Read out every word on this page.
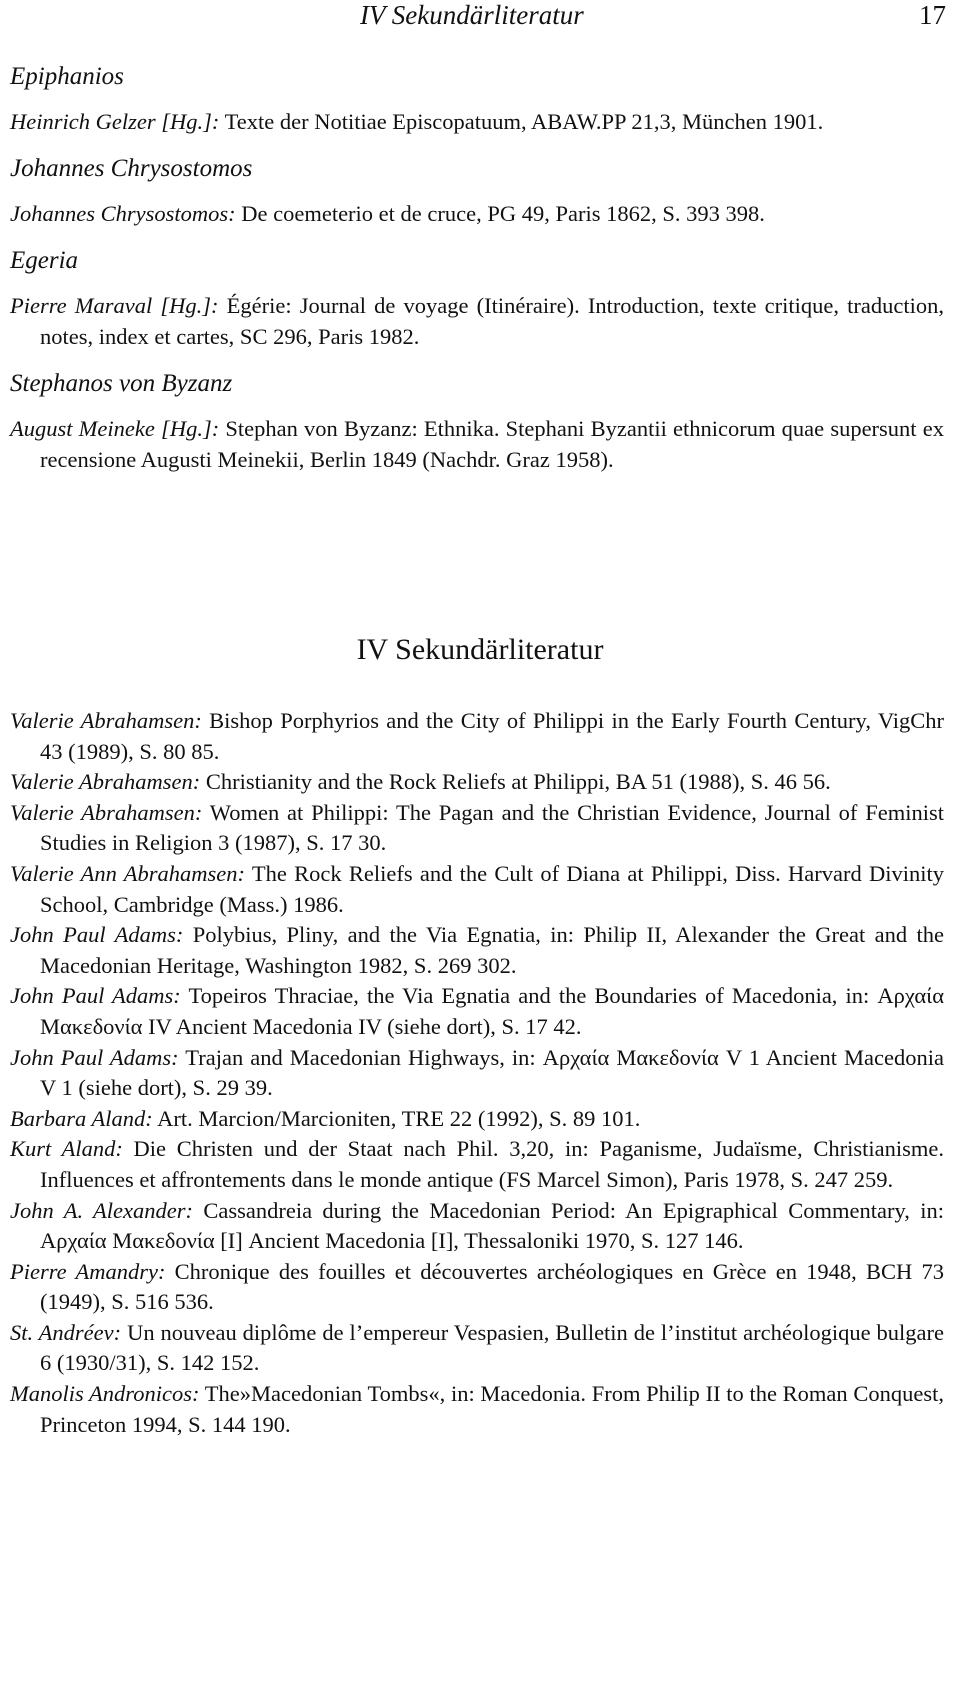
IV Sekundärliteratur	17

Epiphanios

Heinrich Gelzer [Hg.]: Texte der Notitiae Episcopatuum, ABAW.PP 21,3, München 1901.

Johannes Chrysostomos

Johannes Chrysostomos: De coemeterio et de cruce, PG 49, Paris 1862, S. 393 398.

Egeria

Pierre Maraval [Hg.]: Égérie: Journal de voyage (Itinéraire). Introduction, texte critique, traduction, notes, index et cartes, SC 296, Paris 1982.

Stephanos von Byzanz

August Meineke [Hg.]: Stephan von Byzanz: Ethnika. Stephani Byzantii ethnicorum quae supersunt ex recensione Augusti Meinekii, Berlin 1849 (Nachdr. Graz 1958).

IV Sekundärliteratur

Valerie Abrahamsen: Bishop Porphyrios and the City of Philippi in the Early Fourth Century, VigChr 43 (1989), S. 80 85.

Valerie Abrahamsen: Christianity and the Rock Reliefs at Philippi, BA 51 (1988), S. 46 56.

Valerie Abrahamsen: Women at Philippi: The Pagan and the Christian Evidence, Journal of Feminist Studies in Religion 3 (1987), S. 17 30.

Valerie Ann Abrahamsen: The Rock Reliefs and the Cult of Diana at Philippi, Diss. Harvard Divinity School, Cambridge (Mass.) 1986.

John Paul Adams: Polybius, Pliny, and the Via Egnatia, in: Philip II, Alexander the Great and the Macedonian Heritage, Washington 1982, S. 269 302.

John Paul Adams: Topeiros Thraciae, the Via Egnatia and the Boundaries of Macedonia, in: Αρχαία Μακεδονία IV Ancient Macedonia IV (siehe dort), S. 17 42.

John Paul Adams: Trajan and Macedonian Highways, in: Αρχαία Μακεδονία V 1 Ancient Macedonia V 1 (siehe dort), S. 29 39.

Barbara Aland: Art. Marcion/Marcioniten, TRE 22 (1992), S. 89 101.

Kurt Aland: Die Christen und der Staat nach Phil. 3,20, in: Paganisme, Judaïsme, Christianisme. Influences et affrontements dans le monde antique (FS Marcel Simon), Paris 1978, S. 247 259.

John A. Alexander: Cassandreia during the Macedonian Period: An Epigraphical Commentary, in: Αρχαία Μακεδονία [I] Ancient Macedonia [I], Thessaloniki 1970, S. 127 146.

Pierre Amandry: Chronique des fouilles et découvertes archéologiques en Grèce en 1948, BCH 73 (1949), S. 516 536.

St. Andréev: Un nouveau diplôme de l’empereur Vespasien, Bulletin de l’institut archéologique bulgare 6 (1930/31), S. 142 152.

Manolis Andronicos: The»Macedonian Tombs«, in: Macedonia. From Philip II to the Roman Conquest, Princeton 1994, S. 144 190.
